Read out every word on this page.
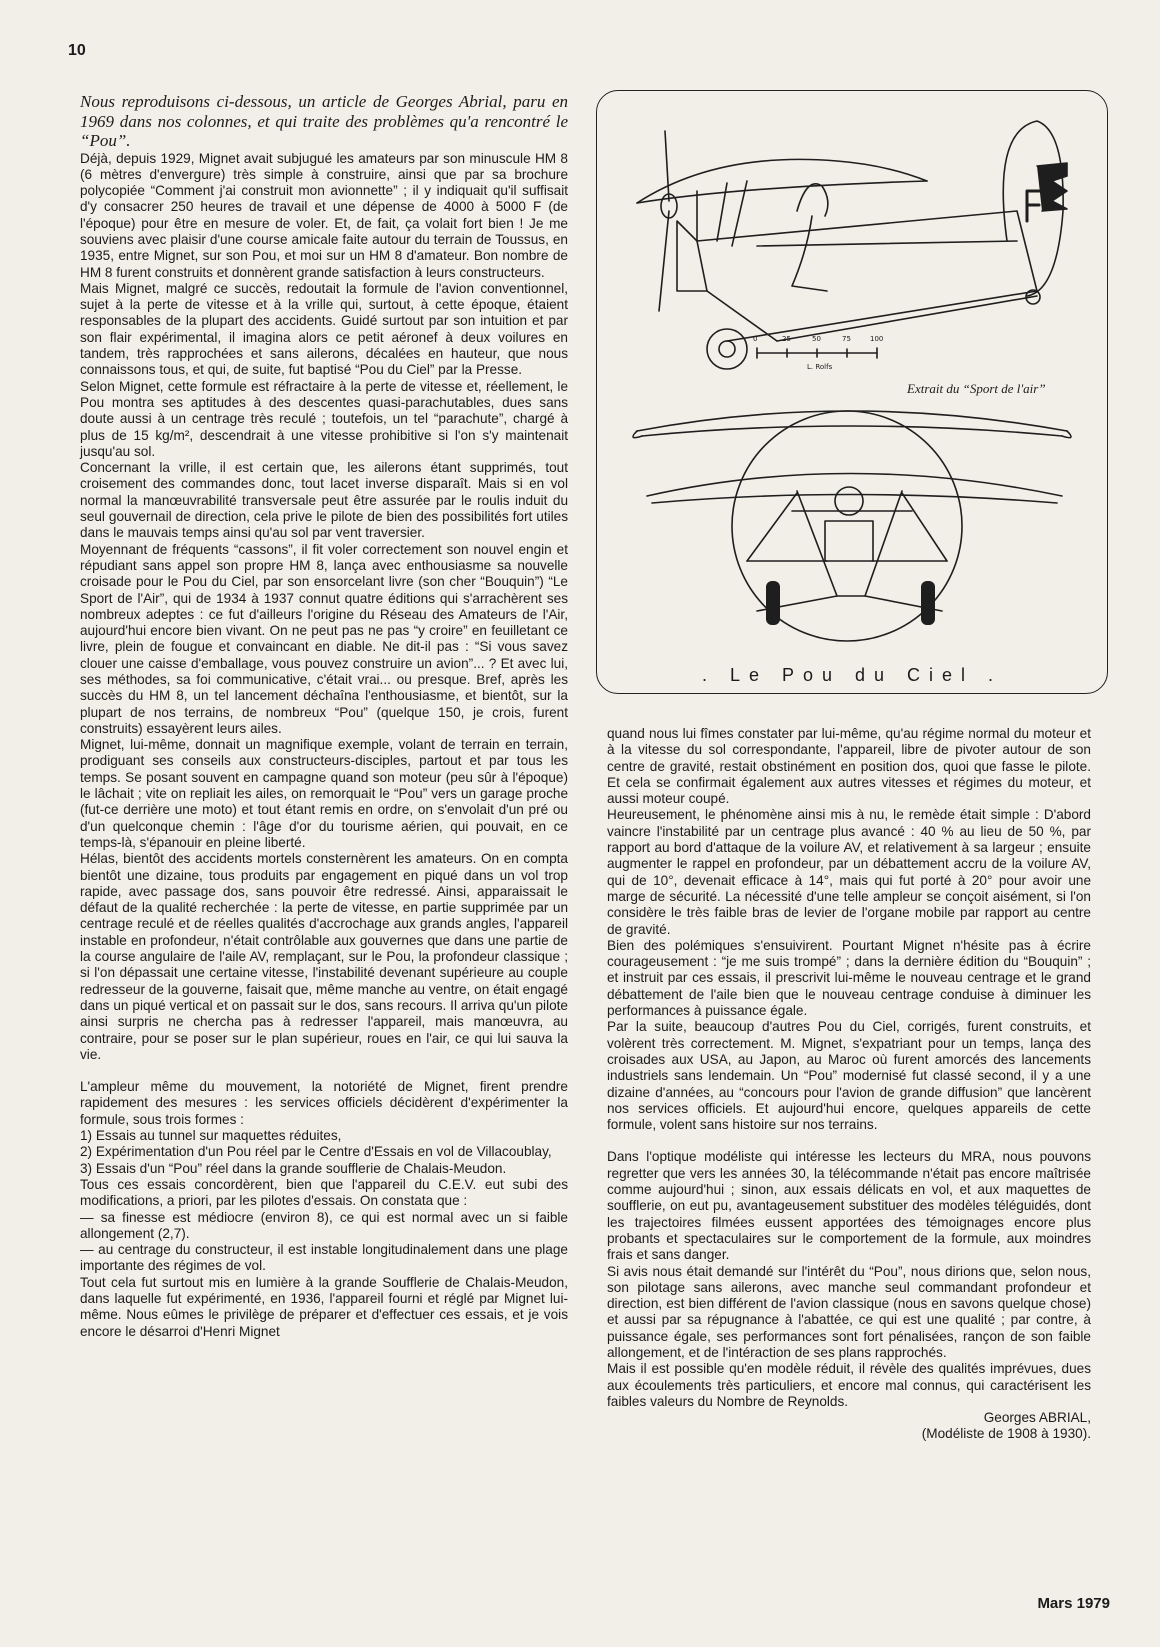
10

Nous reproduisons ci-dessous, un article de Georges Abrial, paru en 1969 dans nos colonnes, et qui traite des problèmes qu'a rencontré le “Pou”.

Déjà, depuis 1929, Mignet avait subjugué les amateurs par son minuscule HM 8 (6 mètres d'envergure) très simple à construire, ainsi que par sa brochure polycopiée “Comment j'ai construit mon avionnette” ; il y indiquait qu'il suffisait d'y consacrer 250 heures de travail et une dépense de 4000 à 5000 F (de l'époque) pour être en mesure de voler. Et, de fait, ça volait fort bien ! Je me souviens avec plaisir d'une course amicale faite autour du terrain de Toussus, en 1935, entre Mignet, sur son Pou, et moi sur un HM 8 d'amateur. Bon nombre de HM 8 furent construits et donnèrent grande satisfaction à leurs constructeurs.

Mais Mignet, malgré ce succès, redoutait la formule de l'avion conventionnel, sujet à la perte de vitesse et à la vrille qui, surtout, à cette époque, étaient responsables de la plupart des accidents. Guidé surtout par son intuition et par son flair expérimental, il imagina alors ce petit aéronef à deux voilures en tandem, très rapprochées et sans ailerons, décalées en hauteur, que nous connaissons tous, et qui, de suite, fut baptisé “Pou du Ciel” par la Presse.

Selon Mignet, cette formule est réfractaire à la perte de vitesse et, réellement, le Pou montra ses aptitudes à des descentes quasi-parachutables, dues sans doute aussi à un centrage très reculé ; toutefois, un tel “parachute”, chargé à plus de 15 kg/m², descendrait à une vitesse prohibitive si l'on s'y maintenait jusqu'au sol.

Concernant la vrille, il est certain que, les ailerons étant supprimés, tout croisement des commandes donc, tout lacet inverse disparaît. Mais si en vol normal la manœuvrabilité transversale peut être assurée par le roulis induit du seul gouvernail de direction, cela prive le pilote de bien des possibilités fort utiles dans le mauvais temps ainsi qu'au sol par vent traversier.

Moyennant de fréquents “cassons”, il fit voler correctement son nouvel engin et répudiant sans appel son propre HM 8, lança avec enthousiasme sa nouvelle croisade pour le Pou du Ciel, par son ensorcelant livre (son cher “Bouquin”) “Le Sport de l'Air”, qui de 1934 à 1937 connut quatre éditions qui s'arrachèrent ses nombreux adeptes : ce fut d'ailleurs l'origine du Réseau des Amateurs de l'Air, aujourd'hui encore bien vivant. On ne peut pas ne pas “y croire” en feuilletant ce livre, plein de fougue et convaincant en diable. Ne dit-il pas : “Si vous savez clouer une caisse d'emballage, vous pouvez construire un avion”... ? Et avec lui, ses méthodes, sa foi communicative, c'était vrai... ou presque. Bref, après les succès du HM 8, un tel lancement déchaîna l'enthousiasme, et bientôt, sur la plupart de nos terrains, de nombreux “Pou” (quelque 150, je crois, furent construits) essayèrent leurs ailes.

Mignet, lui-même, donnait un magnifique exemple, volant de terrain en terrain, prodiguant ses conseils aux constructeurs-disciples, partout et par tous les temps. Se posant souvent en campagne quand son moteur (peu sûr à l'époque) le lâchait ; vite on repliait les ailes, on remorquait le “Pou” vers un garage proche (fut-ce derrière une moto) et tout étant remis en ordre, on s'envolait d'un pré ou d'un quelconque chemin : l'âge d'or du tourisme aérien, qui pouvait, en ce temps-là, s'épanouir en pleine liberté.

Hélas, bientôt des accidents mortels consternèrent les amateurs. On en compta bientôt une dizaine, tous produits par engagement en piqué dans un vol trop rapide, avec passage dos, sans pouvoir être redressé. Ainsi, apparaissait le défaut de la qualité recherchée : la perte de vitesse, en partie supprimée par un centrage reculé et de réelles qualités d'accrochage aux grands angles, l'appareil instable en profondeur, n'était contrôlable aux gouvernes que dans une partie de la course angulaire de l'aile AV, remplaçant, sur le Pou, la profondeur classique ; si l'on dépassait une certaine vitesse, l'instabilité devenant supérieure au couple redresseur de la gouverne, faisait que, même manche au ventre, on était engagé dans un piqué vertical et on passait sur le dos, sans recours. Il arriva qu'un pilote ainsi surpris ne chercha pas à redresser l'appareil, mais manœuvra, au contraire, pour se poser sur le plan supérieur, roues en l'air, ce qui lui sauva la vie.

L'ampleur même du mouvement, la notoriété de Mignet, firent prendre rapidement des mesures : les services officiels décidèrent d'expérimenter la formule, sous trois formes :

1) Essais au tunnel sur maquettes réduites,

2) Expérimentation d'un Pou réel par le Centre d'Essais en vol de Villacoublay,

3) Essais d'un “Pou” réel dans la grande soufflerie de Chalais-Meudon.

Tous ces essais concordèrent, bien que l'appareil du C.E.V. eut subi des modifications, a priori, par les pilotes d'essais. On constata que :

— sa finesse est médiocre (environ 8), ce qui est normal avec un si faible allongement (2,7).

— au centrage du constructeur, il est instable longitudinalement dans une plage importante des régimes de vol.

Tout cela fut surtout mis en lumière à la grande Soufflerie de Chalais-Meudon, dans laquelle fut expérimenté, en 1936, l'appareil fourni et réglé par Mignet lui-même. Nous eûmes le privilège de préparer et d'effectuer ces essais, et je vois encore le désarroi d'Henri Mignet

0	25	50	75	100
L. Rolfs
Extrait du “Sport de l'air”
. Le Pou du Ciel .

quand nous lui fîmes constater par lui-même, qu'au régime normal du moteur et à la vitesse du sol correspondante, l'appareil, libre de pivoter autour de son centre de gravité, restait obstinément en position dos, quoi que fasse le pilote. Et cela se confirmait également aux autres vitesses et régimes du moteur, et aussi moteur coupé.

Heureusement, le phénomène ainsi mis à nu, le remède était simple : D'abord vaincre l'instabilité par un centrage plus avancé : 40 % au lieu de 50 %, par rapport au bord d'attaque de la voilure AV, et relativement à sa largeur ; ensuite augmenter le rappel en profondeur, par un débattement accru de la voilure AV, qui de 10°, devenait efficace à 14°, mais qui fut porté à 20° pour avoir une marge de sécurité. La nécessité d'une telle ampleur se conçoit aisément, si l'on considère le très faible bras de levier de l'organe mobile par rapport au centre de gravité.

Bien des polémiques s'ensuivirent. Pourtant Mignet n'hésite pas à écrire courageusement : “je me suis trompé” ; dans la dernière édition du “Bouquin” ; et instruit par ces essais, il prescrivit lui-même le nouveau centrage et le grand débattement de l'aile bien que le nouveau centrage conduise à diminuer les performances à puissance égale.

Par la suite, beaucoup d'autres Pou du Ciel, corrigés, furent construits, et volèrent très correctement. M. Mignet, s'expatriant pour un temps, lança des croisades aux USA, au Japon, au Maroc où furent amorcés des lancements industriels sans lendemain. Un “Pou” modernisé fut classé second, il y a une dizaine d'années, au “concours pour l'avion de grande diffusion” que lancèrent nos services officiels. Et aujourd'hui encore, quelques appareils de cette formule, volent sans histoire sur nos terrains.

Dans l'optique modéliste qui intéresse les lecteurs du MRA, nous pouvons regretter que vers les années 30, la télécommande n'était pas encore maîtrisée comme aujourd'hui ; sinon, aux essais délicats en vol, et aux maquettes de soufflerie, on eut pu, avantageusement substituer des modèles téléguidés, dont les trajectoires filmées eussent apportées des témoignages encore plus probants et spectaculaires sur le comportement de la formule, aux moindres frais et sans danger.

Si avis nous était demandé sur l'intérêt du “Pou”, nous dirions que, selon nous, son pilotage sans ailerons, avec manche seul commandant profondeur et direction, est bien différent de l'avion classique (nous en savons quelque chose) et aussi par sa répugnance à l'abattée, ce qui est une qualité ; par contre, à puissance égale, ses performances sont fort pénalisées, rançon de son faible allongement, et de l'intéraction de ses plans rapprochés.

Mais il est possible qu'en modèle réduit, il révèle des qualités imprévues, dues aux écoulements très particuliers, et encore mal connus, qui caractérisent les faibles valeurs du Nombre de Reynolds.

Georges ABRIAL,

(Modéliste de 1908 à 1930).

Mars 1979
